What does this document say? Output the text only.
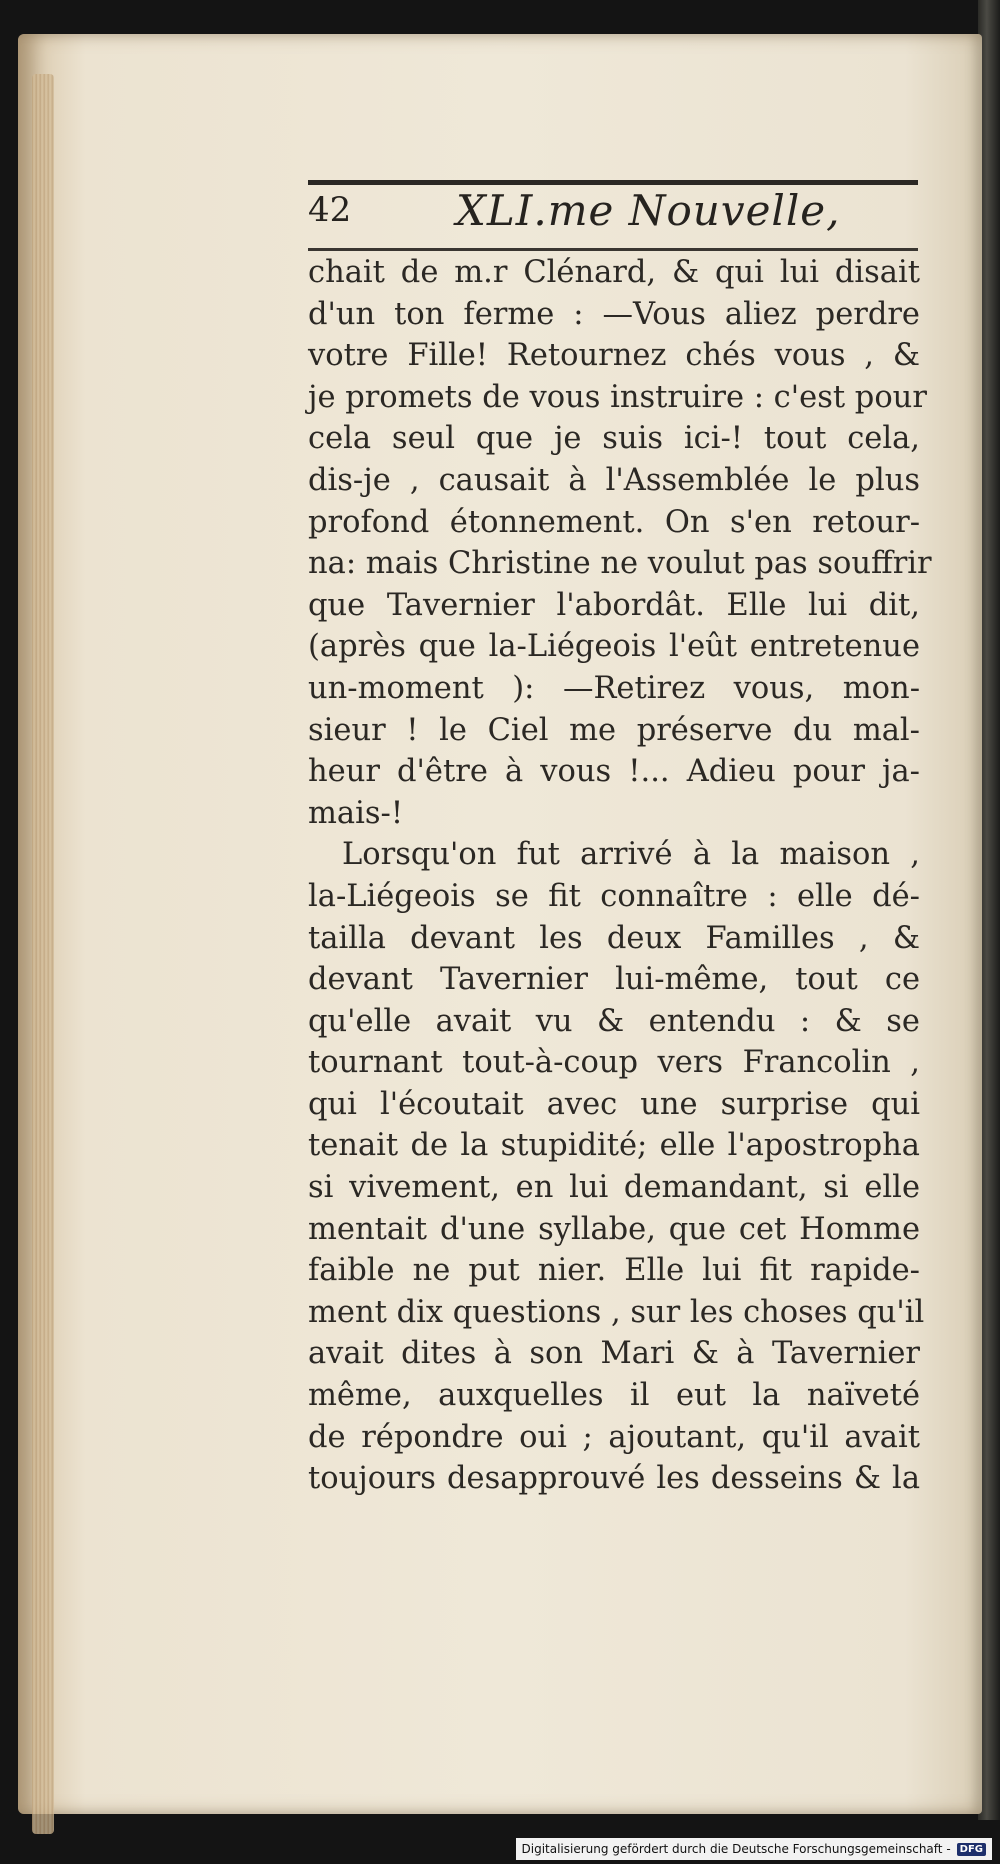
42 XLI.me Nouvelle,
chait de m.r Clénard, & qui lui disait
d'un ton ferme : —Vous aliez perdre
votre Fille! Retournez chés vous , &
je promets de vous instruire : c'est pour
cela seul que je suis ici-! tout cela,
dis-je , causait à l'Assemblée le plus
profond étonnement. On s'en retour-
na: mais Christine ne voulut pas souffrir
que Tavernier l'abordât. Elle lui dit,
(après que la-Liégeois l'eût entretenue
un-moment ): —Retirez vous, mon-
sieur ! le Ciel me préserve du mal-
heur d'être à vous !... Adieu pour ja-
mais-!
Lorsqu'on fut arrivé à la maison ,
la-Liégeois se fit connaître : elle dé-
tailla devant les deux Familles , &
devant Tavernier lui-même, tout ce
qu'elle avait vu & entendu : & se
tournant tout-à-coup vers Francolin ,
qui l'écoutait avec une surprise qui
tenait de la stupidité; elle l'apostropha
si vivement, en lui demandant, si elle
mentait d'une syllabe, que cet Homme
faible ne put nier. Elle lui fit rapide-
ment dix questions , sur les choses qu'il
avait dites à son Mari & à Tavernier
même, auxquelles il eut la naïveté
de répondre oui ; ajoutant, qu'il avait
toujours desapprouvé les desseins & la
Digitalisierung gefördert durch die Deutsche Forschungsgemeinschaft - DFG
